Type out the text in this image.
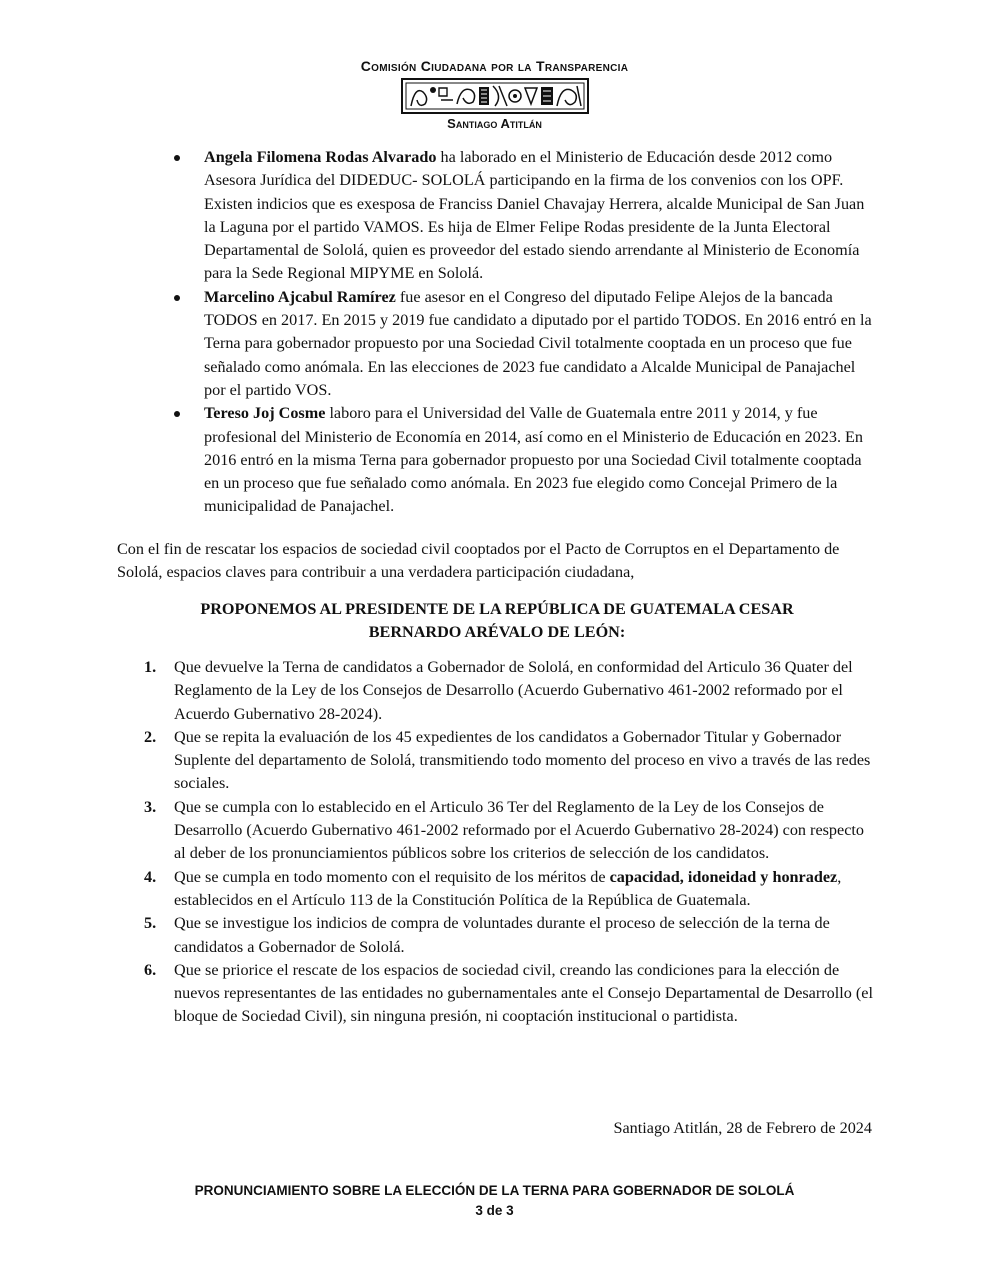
Comisión Ciudadana por la Transparencia
Santiago Atitlán
Angela Filomena Rodas Alvarado ha laborado en el Ministerio de Educación desde 2012 como Asesora Jurídica del DIDEDUC- SOLOLÁ participando en la firma de los convenios con los OPF. Existen indicios que es exesposa de Franciss Daniel Chavajay Herrera, alcalde Municipal de San Juan la Laguna por el partido VAMOS. Es hija de Elmer Felipe Rodas presidente de la Junta Electoral Departamental de Sololá, quien es proveedor del estado siendo arrendante al Ministerio de Economía para la Sede Regional MIPYME en Sololá.
Marcelino Ajcabul Ramírez fue asesor en el Congreso del diputado Felipe Alejos de la bancada TODOS en 2017. En 2015 y 2019 fue candidato a diputado por el partido TODOS. En 2016 entró en la Terna para gobernador propuesto por una Sociedad Civil totalmente cooptada en un proceso que fue señalado como anómala. En las elecciones de 2023 fue candidato a Alcalde Municipal de Panajachel por el partido VOS.
Tereso Joj Cosme laboro para el Universidad del Valle de Guatemala entre 2011 y 2014, y fue profesional del Ministerio de Economía en 2014, así como en el Ministerio de Educación en 2023. En 2016 entró en la misma Terna para gobernador propuesto por una Sociedad Civil totalmente cooptada en un proceso que fue señalado como anómala. En 2023 fue elegido como Concejal Primero de la municipalidad de Panajachel.
Con el fin de rescatar los espacios de sociedad civil cooptados por el Pacto de Corruptos en el Departamento de Sololá, espacios claves para contribuir a una verdadera participación ciudadana,
PROPONEMOS AL PRESIDENTE DE LA REPÚBLICA DE GUATEMALA CESAR
BERNARDO ARÉVALO DE LEÓN:
1. Que devuelve la Terna de candidatos a Gobernador de Sololá, en conformidad del Articulo 36 Quater del Reglamento de la Ley de los Consejos de Desarrollo (Acuerdo Gubernativo 461-2002 reformado por el Acuerdo Gubernativo 28-2024).
2. Que se repita la evaluación de los 45 expedientes de los candidatos a Gobernador Titular y Gobernador Suplente del departamento de Sololá, transmitiendo todo momento del proceso en vivo a través de las redes sociales.
3. Que se cumpla con lo establecido en el Articulo 36 Ter del Reglamento de la Ley de los Consejos de Desarrollo (Acuerdo Gubernativo 461-2002 reformado por el Acuerdo Gubernativo 28-2024) con respecto al deber de los pronunciamientos públicos sobre los criterios de selección de los candidatos.
4. Que se cumpla en todo momento con el requisito de los méritos de capacidad, idoneidad y honradez, establecidos en el Artículo 113 de la Constitución Política de la República de Guatemala.
5. Que se investigue los indicios de compra de voluntades durante el proceso de selección de la terna de candidatos a Gobernador de Sololá.
6. Que se priorice el rescate de los espacios de sociedad civil, creando las condiciones para la elección de nuevos representantes de las entidades no gubernamentales ante el Consejo Departamental de Desarrollo (el bloque de Sociedad Civil), sin ninguna presión, ni cooptación institucional o partidista.
Santiago Atitlán, 28 de Febrero de 2024
PRONUNCIAMIENTO SOBRE LA ELECCIÓN DE LA TERNA PARA GOBERNADOR DE SOLOLÁ
3 de 3
